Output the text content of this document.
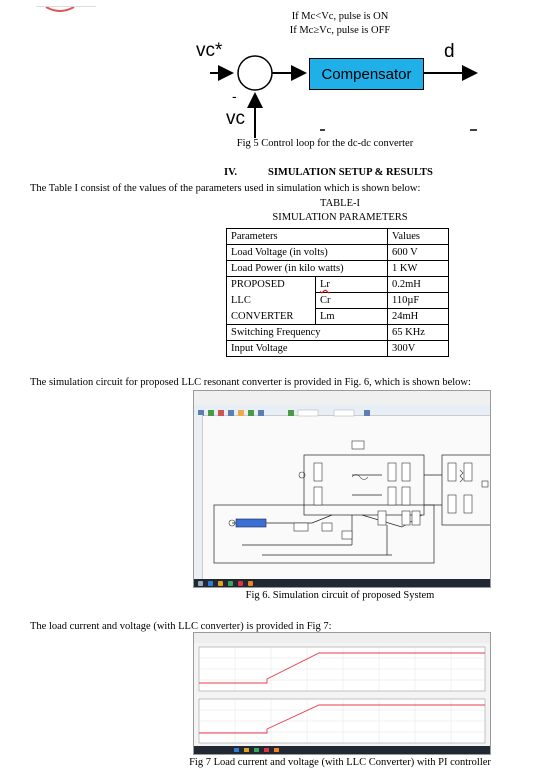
If Mc<Vc, pulse is ON
If Mc≥Vc, pulse is OFF
vc*
-
vc
Compensator
d
Fig 5 Control loop for the dc-dc converter
IV.	SIMULATION SETUP & RESULTS
The Table I consist of the values of the parameters used in simulation which is shown below:
TABLE-I
SIMULATION PARAMETERS
Parameters		Values
Load Voltage (in volts)		600 V
Load Power (in kilo watts)		1 KW
PROPOSED	Lr	0.2mH
LLC	Cr	110µF
CONVERTER	Lm	24mH
Switching Frequency		65 KHz
Input Voltage		300V
The simulation circuit for proposed LLC resonant converter is provided in Fig. 6, which is shown below:
Fig 6. Simulation circuit of proposed System
The load current and voltage (with LLC converter) is provided in Fig 7:
Fig 7 Load current and voltage (with LLC Converter) with PI controller
